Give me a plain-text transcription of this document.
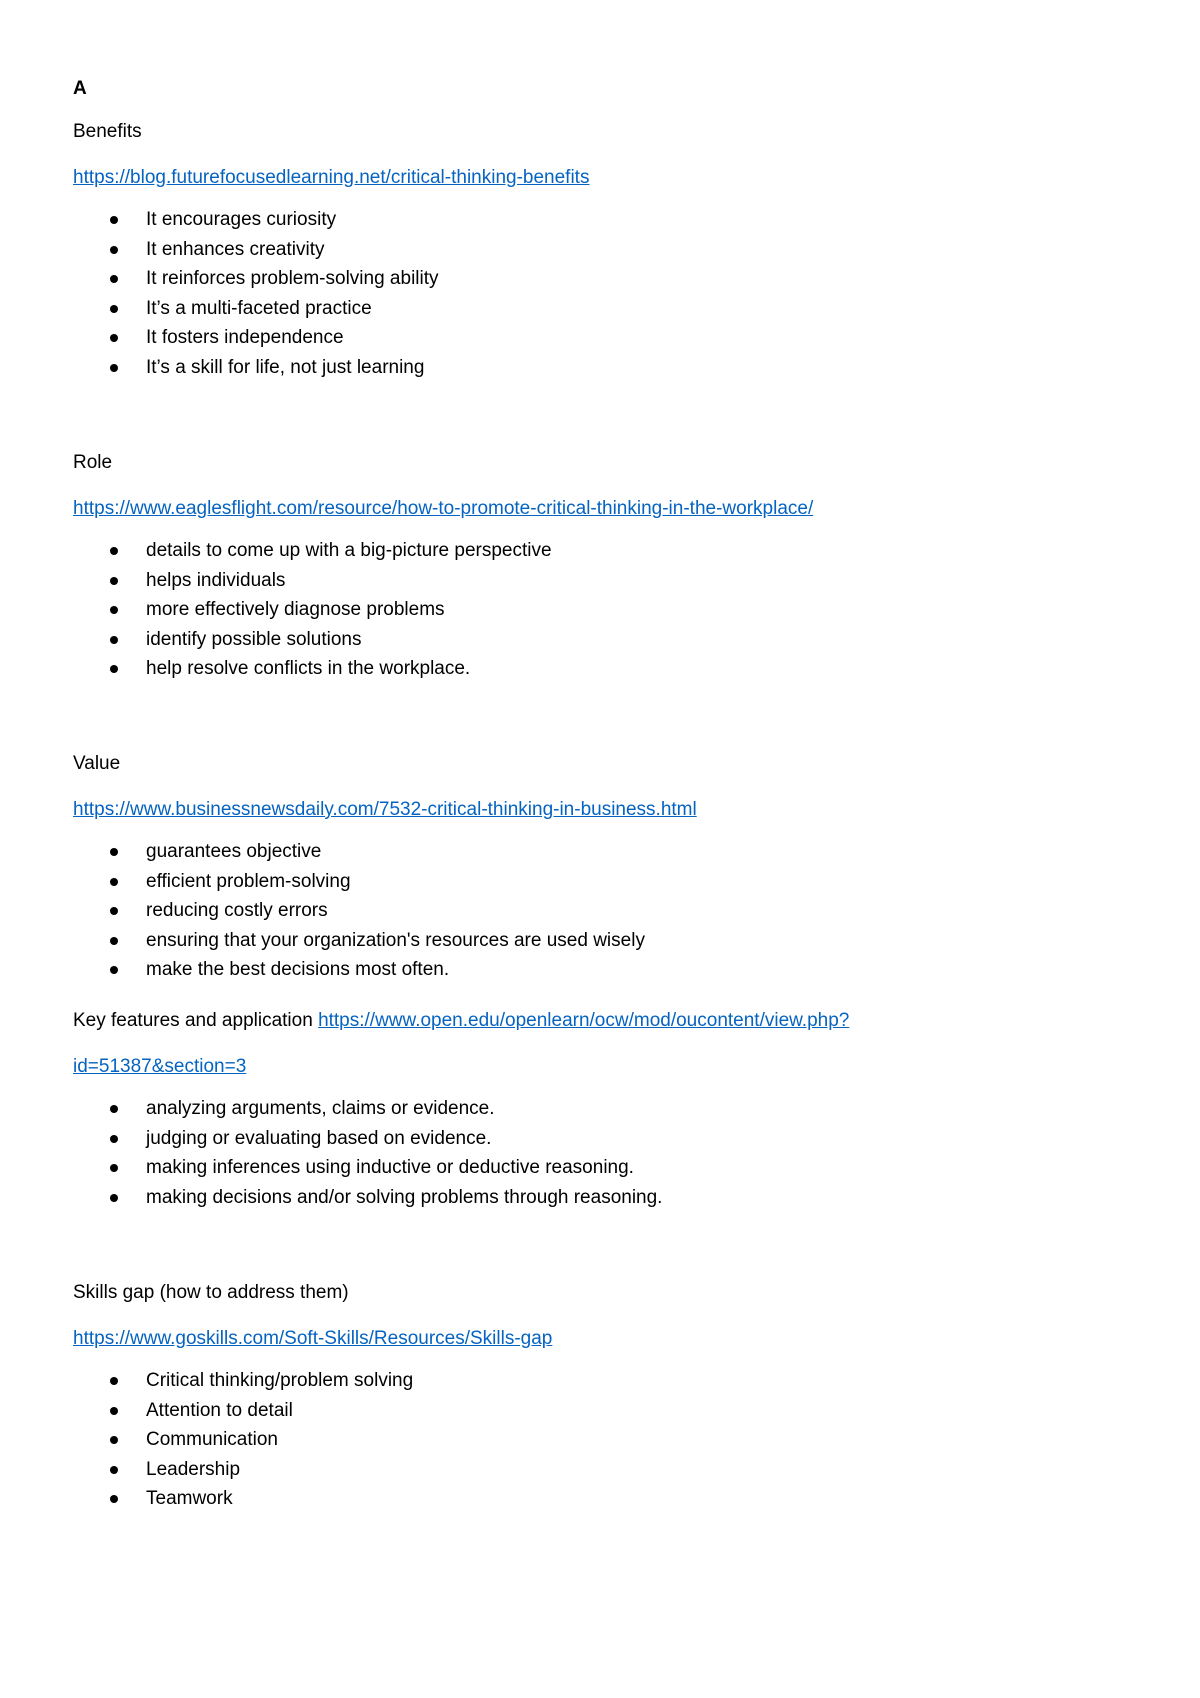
A

Benefits

https://blog.futurefocusedlearning.net/critical-thinking-benefits
It encourages curiosity
It enhances creativity
It reinforces problem-solving ability
It’s a multi-faceted practice
It fosters independence
It’s a skill for life, not just learning

Role

https://www.eaglesflight.com/resource/how-to-promote-critical-thinking-in-the-workplace/
details to come up with a big-picture perspective
helps individuals
more effectively diagnose problems
identify possible solutions
help resolve conflicts in the workplace.

Value

https://www.businessnewsdaily.com/7532-critical-thinking-in-business.html
guarantees objective
efficient problem-solving
reducing costly errors
ensuring that your organization's resources are used wisely
make the best decisions most often.

Key features and application https://www.open.edu/openlearn/ocw/mod/oucontent/view.php?

id=51387&section=3
analyzing arguments, claims or evidence.
judging or evaluating based on evidence.
making inferences using inductive or deductive reasoning.
making decisions and/or solving problems through reasoning.

Skills gap (how to address them)

https://www.goskills.com/Soft-Skills/Resources/Skills-gap
Critical thinking/problem solving
Attention to detail
Communication
Leadership
Teamwork
